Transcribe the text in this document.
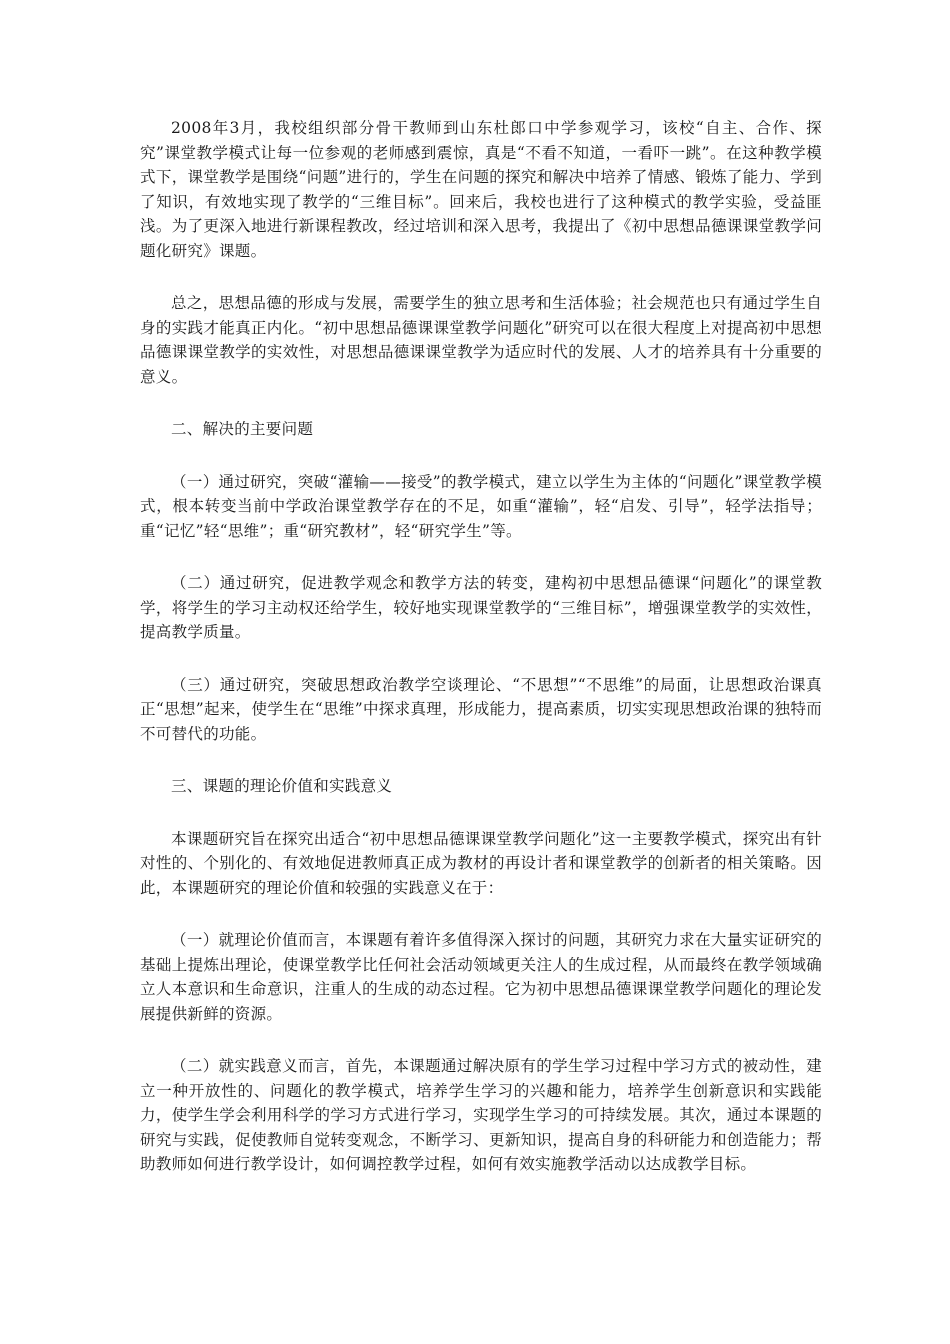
2008年3月，我校组织部分骨干教师到山东杜郎口中学参观学习，该校“自主、合作、探究”课堂教学模式让每一位参观的老师感到震惊，真是“不看不知道，一看吓一跳”。在这种教学模式下，课堂教学是围绕“问题”进行的，学生在问题的探究和解决中培养了情感、锻炼了能力、学到了知识，有效地实现了教学的“三维目标”。回来后，我校也进行了这种模式的教学实验，受益匪浅。为了更深入地进行新课程教改，经过培训和深入思考，我提出了《初中思想品德课课堂教学问题化研究》课题。

总之，思想品德的形成与发展，需要学生的独立思考和生活体验；社会规范也只有通过学生自身的实践才能真正内化。“初中思想品德课课堂教学问题化”研究可以在很大程度上对提高初中思想品德课课堂教学的实效性，对思想品德课课堂教学为适应时代的发展、人才的培养具有十分重要的意义。

二、解决的主要问题

（一）通过研究，突破“灌输——接受”的教学模式，建立以学生为主体的“问题化”课堂教学模式，根本转变当前中学政治课堂教学存在的不足，如重“灌输”，轻“启发、引导”，轻学法指导；重“记忆”轻“思维”；重“研究教材”，轻“研究学生”等。

（二）通过研究，促进教学观念和教学方法的转变，建构初中思想品德课“问题化”的课堂教学，将学生的学习主动权还给学生，较好地实现课堂教学的“三维目标”，增强课堂教学的实效性，提高教学质量。

（三）通过研究，突破思想政治教学空谈理论、“不思想”“不思维”的局面，让思想政治课真正“思想”起来，使学生在“思维”中探求真理，形成能力，提高素质，切实实现思想政治课的独特而不可替代的功能。

三、课题的理论价值和实践意义

本课题研究旨在探究出适合“初中思想品德课课堂教学问题化”这一主要教学模式，探究出有针对性的、个别化的、有效地促进教师真正成为教材的再设计者和课堂教学的创新者的相关策略。因此，本课题研究的理论价值和较强的实践意义在于：

（一）就理论价值而言，本课题有着许多值得深入探讨的问题，其研究力求在大量实证研究的基础上提炼出理论，使课堂教学比任何社会活动领域更关注人的生成过程，从而最终在教学领域确立人本意识和生命意识，注重人的生成的动态过程。它为初中思想品德课课堂教学问题化的理论发展提供新鲜的资源。

（二）就实践意义而言，首先，本课题通过解决原有的学生学习过程中学习方式的被动性，建立一种开放性的、问题化的教学模式，培养学生学习的兴趣和能力，培养学生创新意识和实践能力，使学生学会利用科学的学习方式进行学习，实现学生学习的可持续发展。其次，通过本课题的研究与实践，促使教师自觉转变观念，不断学习、更新知识，提高自身的科研能力和创造能力；帮助教师如何进行教学设计，如何调控教学过程，如何有效实施教学活动以达成教学目标。
